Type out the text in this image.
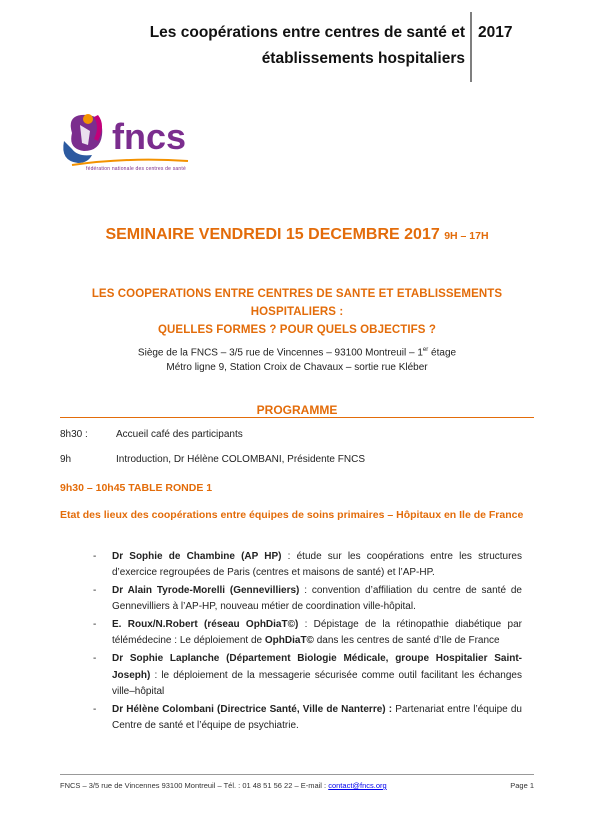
Les coopérations entre centres de santé et
établissements hospitaliers
2017
fncs
fédération nationale des centres de santé
SEMINAIRE VENDREDI 15 DECEMBRE 2017 9H – 17H
LES COOPERATIONS ENTRE CENTRES DE SANTE ET ETABLISSEMENTS HOSPITALIERS :
QUELLES FORMES ? POUR QUELS OBJECTIFS ?
Siège de la FNCS – 3/5 rue de Vincennes – 93100 Montreuil – 1er étage
Métro ligne 9, Station Croix de Chavaux – sortie rue Kléber
PROGRAMME
8h30 :	Accueil café des participants
9h	Introduction, Dr Hélène COLOMBANI, Présidente FNCS
9h30 – 10h45 TABLE RONDE 1
Etat des lieux des coopérations entre équipes de soins primaires – Hôpitaux en Ile de France
- Dr Sophie de Chambine (AP HP) : étude sur les coopérations entre les structures d’exercice regroupées de Paris (centres et maisons de santé) et l’AP-HP.
- Dr Alain Tyrode-Morelli (Gennevilliers) : convention d’affiliation du centre de santé de Gennevilliers à l’AP-HP, nouveau métier de coordination ville-hôpital.
- E. Roux/N.Robert (réseau OphDiaT©) : Dépistage de la rétinopathie diabétique par télémédecine : Le déploiement de OphDiaT© dans les centres de santé d’Ile de France
- Dr Sophie Laplanche (Département Biologie Médicale, groupe Hospitalier Saint-Joseph) : le déploiement de la messagerie sécurisée comme outil facilitant les échanges ville–hôpital
- Dr Hélène Colombani (Directrice Santé, Ville de Nanterre) : Partenariat entre l’équipe du Centre de santé et l’équipe de psychiatrie.
FNCS – 3/5 rue de Vincennes 93100 Montreuil – Tél. : 01 48 51 56 22 – E-mail : contact@fncs.org	Page 1
